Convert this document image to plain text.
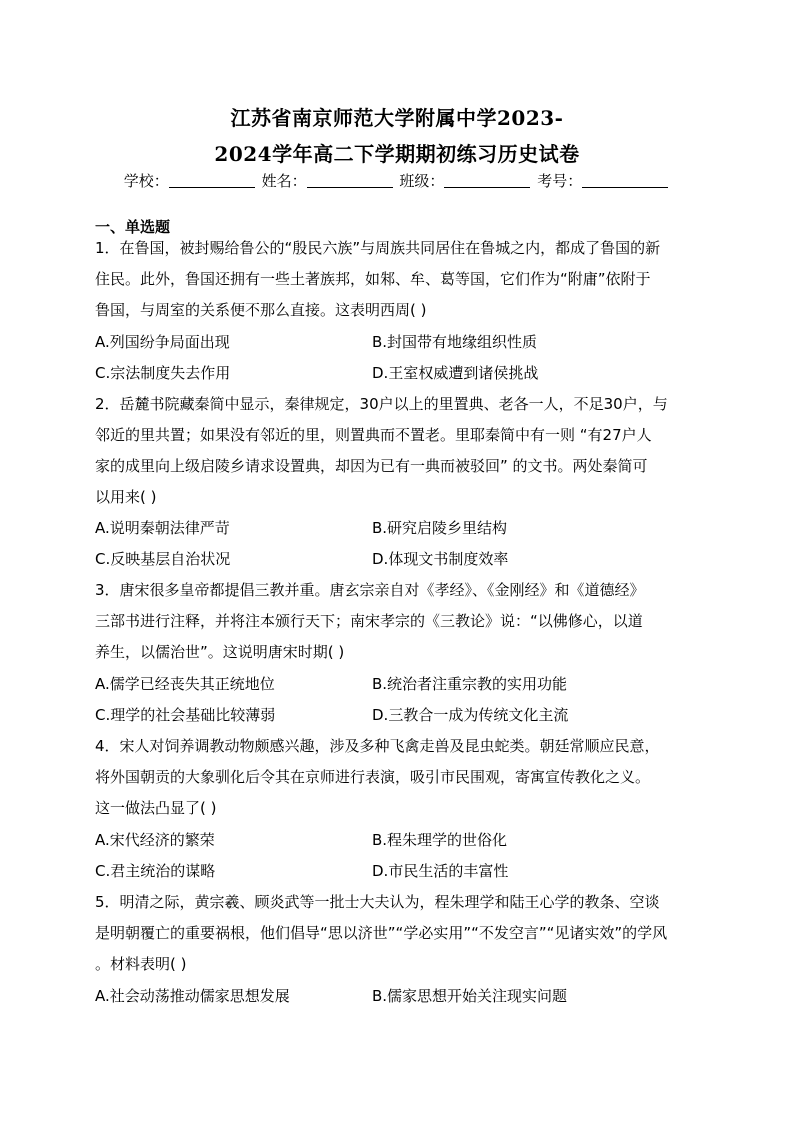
江苏省南京师范大学附属中学2023-
2024学年高二下学期期初练习历史试卷
学校：	姓名：	班级：	考号：
一、单选题
1．在鲁国，被封赐给鲁公的“殷民六族”与周族共同居住在鲁城之内，都成了鲁国的新
住民。此外，鲁国还拥有一些土著族邦，如邾、牟、葛等国，它们作为“附庸”依附于
鲁国，与周室的关系便不那么直接。这表明西周( )
A.列国纷争局面出现	B.封国带有地缘组织性质
C.宗法制度失去作用	D.王室权威遭到诸侯挑战
2．岳麓书院藏秦简中显示，秦律规定，30户以上的里置典、老各一人，不足30户，与
邻近的里共置；如果没有邻近的里，则置典而不置老。里耶秦简中有一则 “有27户人
家的成里向上级启陵乡请求设置典，却因为已有一典而被驳回” 的文书。两处秦简可
以用来( )
A.说明秦朝法律严苛	B.研究启陵乡里结构
C.反映基层自治状况	D.体现文书制度效率
3．唐宋很多皇帝都提倡三教并重。唐玄宗亲自对《孝经》、《金刚经》和《道德经》
三部书进行注释，并将注本颁行天下；南宋孝宗的《三教论》说：“以佛修心，以道
养生，以儒治世”。这说明唐宋时期( )
A.儒学已经丧失其正统地位	B.统治者注重宗教的实用功能
C.理学的社会基础比较薄弱	D.三教合一成为传统文化主流
4．宋人对饲养调教动物颇感兴趣，涉及多种飞禽走兽及昆虫蛇类。朝廷常顺应民意，
将外国朝贡的大象驯化后令其在京师进行表演，吸引市民围观，寄寓宣传教化之义。
这一做法凸显了( )
A.宋代经济的繁荣	B.程朱理学的世俗化
C.君主统治的谋略	D.市民生活的丰富性
5．明清之际，黄宗羲、顾炎武等一批士大夫认为，程朱理学和陆王心学的教条、空谈
是明朝覆亡的重要祸根，他们倡导“思以济世”“学必实用”“不发空言”“见诸实效”的学风
。材料表明( )
A.社会动荡推动儒家思想发展	B.儒家思想开始关注现实问题
